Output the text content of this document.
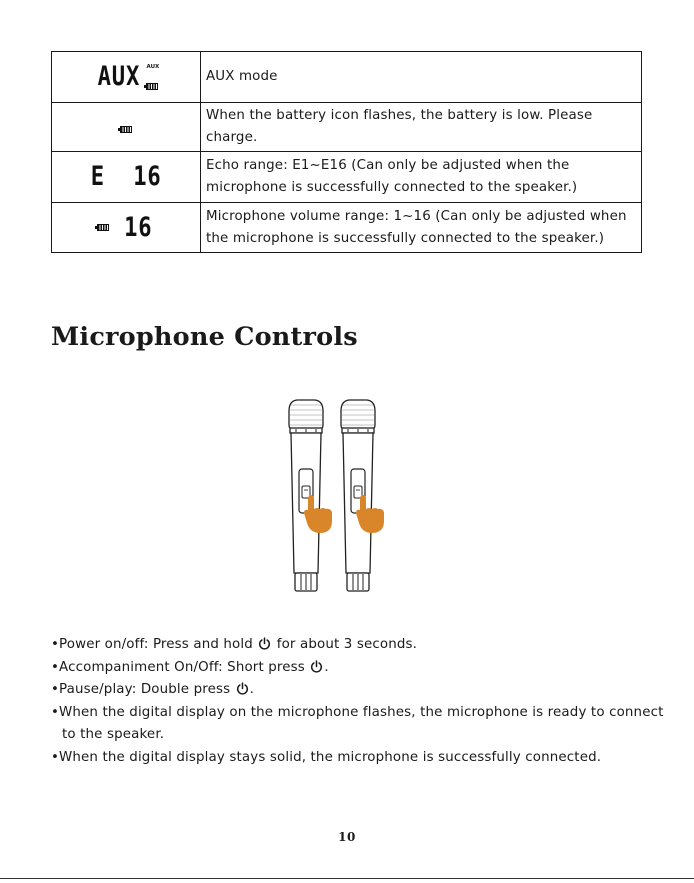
AUX AUX	AUX mode
	When the battery icon flashes, the battery is low. Please charge.

E  16	Echo range: E1~E16 (Can only be adjusted when the microphone is successfully connected to the speaker.)

16	Microphone volume range: 1~16 (Can only be adjusted when the microphone is successfully connected to the speaker.)
Microphone Controls
• Power on/off: Press and hold  for about 3 seconds.
• Accompaniment On/Off: Short press .
• Pause/play: Double press .
• When the digital display on the microphone flashes, the microphone is ready to connect
to the speaker.
• When the digital display stays solid, the microphone is successfully connected.
10
